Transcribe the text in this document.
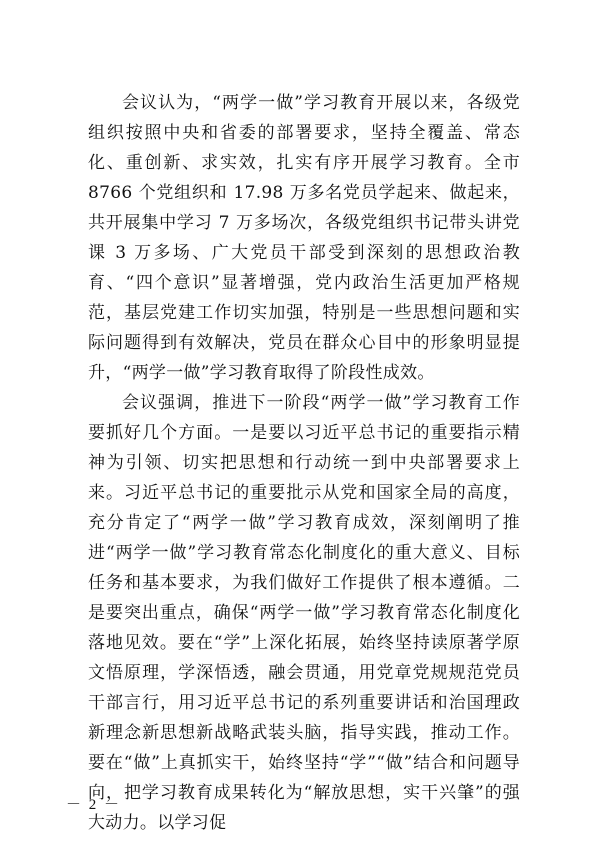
会议认为，“两学一做”学习教育开展以来，各级党组织按照中央和省委的部署要求，坚持全覆盖、常态化、重创新、求实效，扎实有序开展学习教育。全市 8766 个党组织和 17.98 万多名党员学起来、做起来，共开展集中学习 7 万多场次，各级党组织书记带头讲党课 3 万多场、广大党员干部受到深刻的思想政治教育、“四个意识”显著增强，党内政治生活更加严格规范，基层党建工作切实加强，特别是一些思想问题和实际问题得到有效解决，党员在群众心目中的形象明显提升，“两学一做”学习教育取得了阶段性成效。

会议强调，推进下一阶段“两学一做”学习教育工作要抓好几个方面。一是要以习近平总书记的重要指示精神为引领、切实把思想和行动统一到中央部署要求上来。习近平总书记的重要批示从党和国家全局的高度，充分肯定了“两学一做”学习教育成效，深刻阐明了推进“两学一做”学习教育常态化制度化的重大意义、目标任务和基本要求，为我们做好工作提供了根本遵循。二是要突出重点，确保“两学一做”学习教育常态化制度化落地见效。要在“学”上深化拓展，始终坚持读原著学原文悟原理，学深悟透，融会贯通，用党章党规规范党员干部言行，用习近平总书记的系列重要讲话和治国理政新理念新思想新战略武装头脑，指导实践，推动工作。要在“做”上真抓实干，始终坚持“学”“做”结合和问题导向，把学习教育成果转化为“解放思想，实干兴肇”的强大动力。以学习促

－ 2 －
